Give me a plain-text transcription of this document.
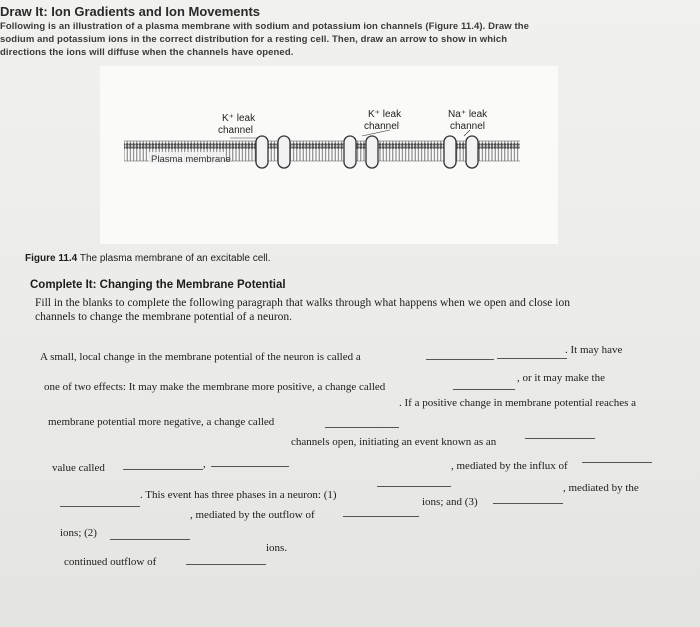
Draw It: Ion Gradients and Ion Movements
Following is an illustration of a plasma membrane with sodium and potassium ion channels (Figure 11.4). Draw the
sodium and potassium ions in the correct distribution for a resting cell. Then, draw an arrow to show in which
directions the ions will diffuse when the channels have opened.
K⁺ leak
channel
K⁺ leak
channel
Na⁺ leak
channel
Plasma membrane
Figure 11.4 The plasma membrane of an excitable cell.
Complete It: Changing the Membrane Potential
Fill in the blanks to complete the following paragraph that walks through what happens when we open and close ion
channels to change the membrane potential of a neuron.
A small, local change in the membrane potential of the neuron is called a
. It may have
one of two effects: It may make the membrane more positive, a change called
, or it may make the
membrane potential more negative, a change called
. If a positive change in membrane potential reaches a
value called	,
channels open, initiating an event known as an
. This event has three phases in a neuron: (1)
, mediated by the influx of
ions; (2)
, mediated by the outflow of
ions; and (3)
, mediated by the
continued outflow of
ions.
